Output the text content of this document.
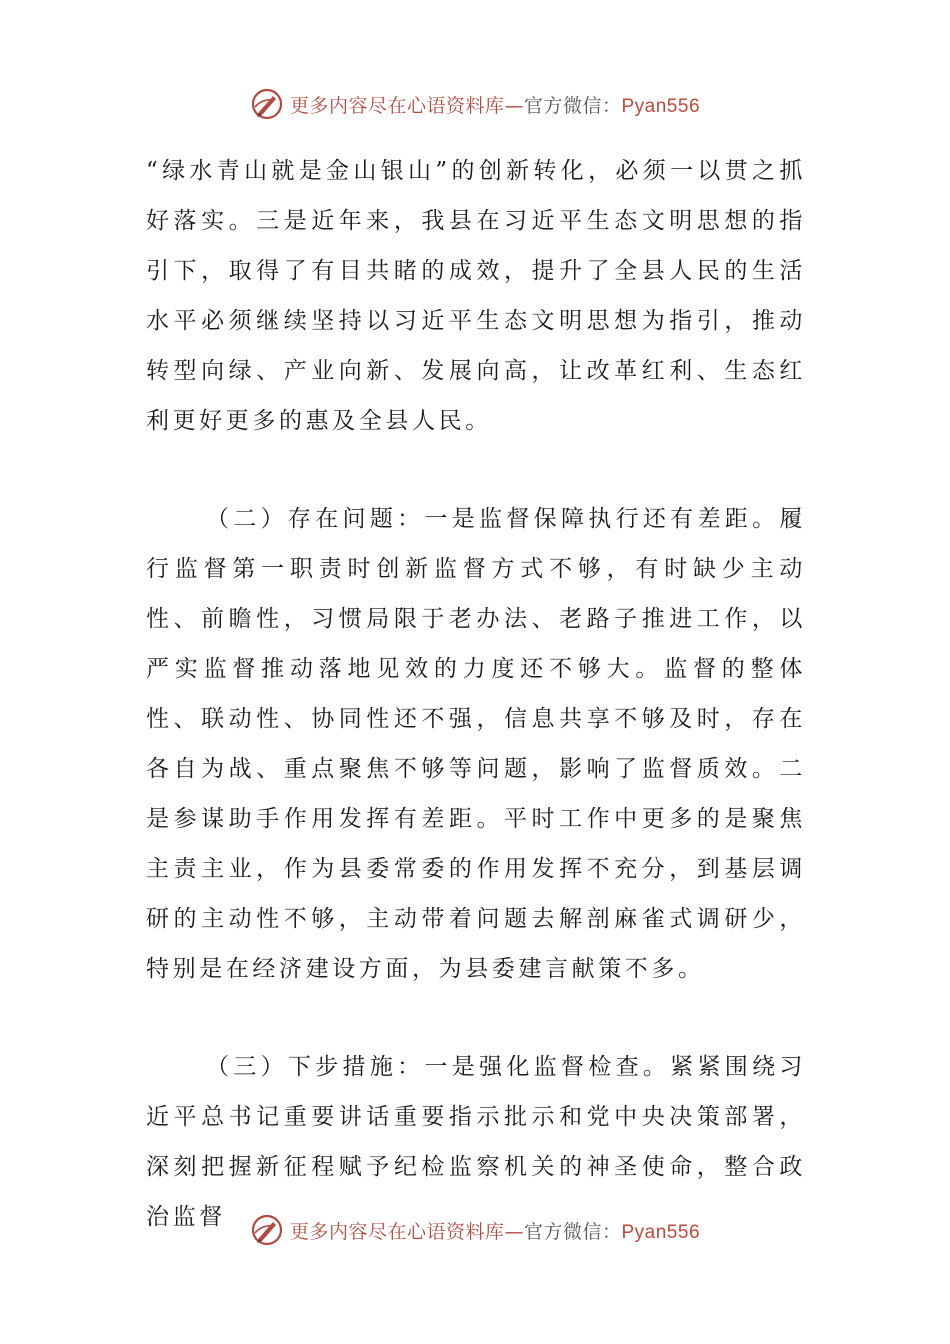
更多内容尽在心语资料库—官方微信：Pyan556

“绿水青山就是金山银山”的创新转化，必须一以贯之抓好落实。三是近年来，我县在习近平生态文明思想的指引下，取得了有目共睹的成效，提升了全县人民的生活水平必须继续坚持以习近平生态文明思想为指引，推动转型向绿、产业向新、发展向高，让改革红利、生态红利更好更多的惠及全县人民。

（二）存在问题：一是监督保障执行还有差距。履行监督第一职责时创新监督方式不够，有时缺少主动性、前瞻性，习惯局限于老办法、老路子推进工作，以严实监督推动落地见效的力度还不够大。监督的整体性、联动性、协同性还不强，信息共享不够及时，存在各自为战、重点聚焦不够等问题，影响了监督质效。二是参谋助手作用发挥有差距。平时工作中更多的是聚焦主责主业，作为县委常委的作用发挥不充分，到基层调研的主动性不够，主动带着问题去解剖麻雀式调研少，特别是在经济建设方面，为县委建言献策不多。

（三）下步措施：一是强化监督检查。紧紧围绕习近平总书记重要讲话重要指示批示和党中央决策部署，深刻把握新征程赋予纪检监察机关的神圣使命，整合政治监督

更多内容尽在心语资料库—官方微信：Pyan556
